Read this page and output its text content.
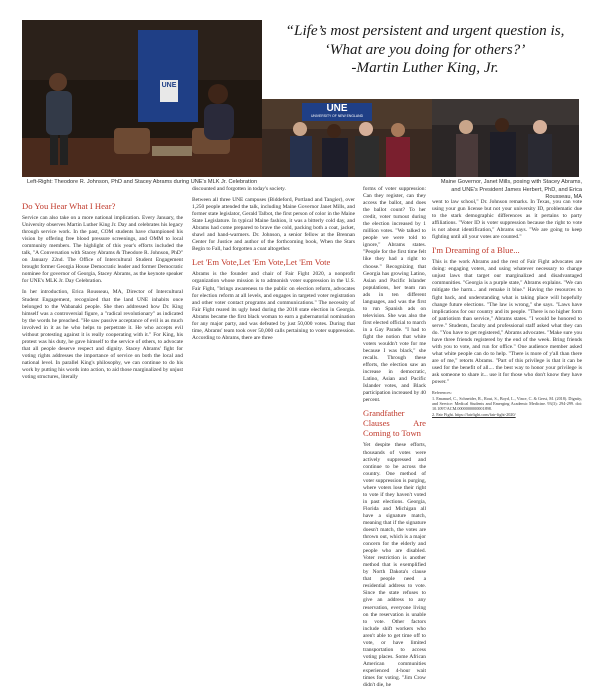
UNE
UNE
UNIVERSITY OF NEW ENGLAND
“Life’s most persistent and urgent question is, ‘What are you doing for others?’
-Martin Luther King, Jr.
Left-Right: Theodore R. Johnson, PhD and Stacey Abrams during UNE's MLK Jr. Celebration	Maine Governor, Janet Mills, posing with Stacey Abrams, and UNE's President James Herbert, PhD, and Erica Rousseau, MA
Do You Hear What I Hear?

Service can also take on a more national implication. Every January, the University observes Martin Luther King Jr. Day and celebrates his legacy through service work. In the past, COM students have championed his vision by offering free blood pressure screenings, and OMM to local community members. The highlight of this year's efforts included the talk, "A Conversation with Stacey Abrams & Theodore R. Johnson, PhD" on January 22nd. The Office of Intercultural Student Engagement brought former Georgia House Democratic leader and former Democratic nominee for governor of Georgia, Stacey Abrams, as the keynote speaker for UNE's MLK Jr. Day Celebration.

In her introduction, Erica Rousseau, MA, Director of Intercultural Student Engagement, recognized that the land UNE inhabits once belonged to the Wabanaki people. She then addressed how Dr. King himself was a controversial figure, a "radical revolutionary" as indicated by the words he preached. "He saw passive acceptance of evil is as much involved in it as he who helps to perpetrate it. He who accepts evil without protesting against it is really cooperating with it." For King, his protest was his duty, he gave himself to the service of others, to advocate that all people deserve respect and dignity. Stacey Abrams' fight for voting rights addresses the importance of service on both the local and national level. In parallel King's philosophy, we can continue to do his work by putting his words into action, to aid those marginalized by unjust voting structures, literally

discounted and forgotten in today's society.

Between all three UNE campuses (Biddeford, Portland and Tangier), over 1,250 people attended the talk, including Maine Governor Janet Mills, and former state legislator, Gerald Talbot, the first person of color in the Maine State Legislature. In typical Maine fashion, it was a bitterly cold day, and Abrams had come prepared to brave the cold, packing both a coat, jacket, shawl and hand-warmers. Dr. Johnson, a senior fellow at the Brennan Center for Justice and author of the forthcoming book, When the Stars Begin to Fall, had forgotten a coat altogether.

Let 'Em Vote,Let 'Em Vote,Let 'Em Vote

Abrams is the founder and chair of Fair Fight 2020, a nonprofit organization whose mission is to admonish voter suppression in the U.S. Fair Fight, "brings awareness to the public on election reform, advocates for election reform at all levels, and engages in targeted voter registration and other voter contact programs and communications." The necessity of Fair Fight reared its ugly head during the 2018 state election in Georgia. Abrams became the first black woman to earn a gubernatorial nomination for any major party, and was defeated by just 50,000 votes. During that time, Abrams' team took over 50,000 calls pertaining to voter suppression. According to Abrams, there are three

forms of voter suppression: Can they register, can they access the ballot, and does the ballot count? To her credit, voter turnout during the election increased by 1 million votes. "We talked to people we were told to ignore," Abrams states. "People for the first time felt like they had a right to choose." Recognizing that Georgia has growing Latino, Asian and Pacific Islander populations, her team ran ads in ten different languages, and was the first to run Spanish ads on television. She was also the first elected official to march in a Gay Parade. "I had to fight the notion that white voters wouldn't vote for me because I was black," she recalls. Through these efforts, the election saw an increase in democratic, Latino, Asian and Pacific Islander votes, and Black participation increased by 40 percent.

Grandfather Clauses Are Coming to Town

Yet despite these efforts, thousands of votes were actively suppressed and continue to be across the country. One method of voter suppression is purging, where voters lose their right to vote if they haven't voted in past elections. Georgia, Florida and Michigan all have a signature match, meaning that if the signature doesn't match, the votes are thrown out, which is a major concern for the elderly and people who are disabled. Voter restriction is another method that is exemplified by North Dakota's clause that people need a residential address to vote. Since the state refuses to give an address to any reservation, everyone living on the reservation is unable to vote. Other factors include shift workers who aren't able to get time off to vote, or have limited transportation to access voting places. Some African American communities experienced 4-hour wait times for voting. "Jim Crow didn't die, he

went to law school," Dr. Johnson remarks. In Texas, you can vote using your gun license but not your university ID, problematic due to the stark demographic differences as it pertains to party affiliations. "Voter ID is voter suppression because the right to vote is not about identification," Abrams says. "We are going to keep fighting until all your votes are counted."

I'm Dreaming of a Blue...

This is the work Abrams and the rest of Fair Fight advocates are doing: engaging voters, and using whatever necessary to change unjust laws that target our marginalized and disadvantaged communities. "Georgia is a purple state," Abrams explains. "We can mitigate the harm... and remake it blue." Having the resources to fight back, and understanding what is taking place will hopefully change future elections. "The law is wrong," she says. "Laws have implications for our country and its people. "There is no higher form of patriotism than service," Abrams states. "I would be honored to serve." Students, faculty and professional staff asked what they can do. "You have to get registered," Abrams advocates. "Make sure you have three friends registered by the end of the week. Bring friends with you to vote, and run for office." One audience member asked what white people can do to help. "There is more of y'all than there are of me," retorts Abrams. "Part of this privilege is that it can be used for the benefit of all.... the best way to honor your privilege is ask someone to share it... use it for those who don't know they have power."

References:
1. Emanuel, C., Schneider, R., Rout, S., Boyd, L., Vince, C. & Gerst, M. (2018). Dignity, and Service: Medical Students and Emerging Academic Medicine. 93(3): 294-299. doi: 10.1097/ACM.0000000000001898.
2. Fair Fight. https://fairfight.com/fair-fight-2020/
